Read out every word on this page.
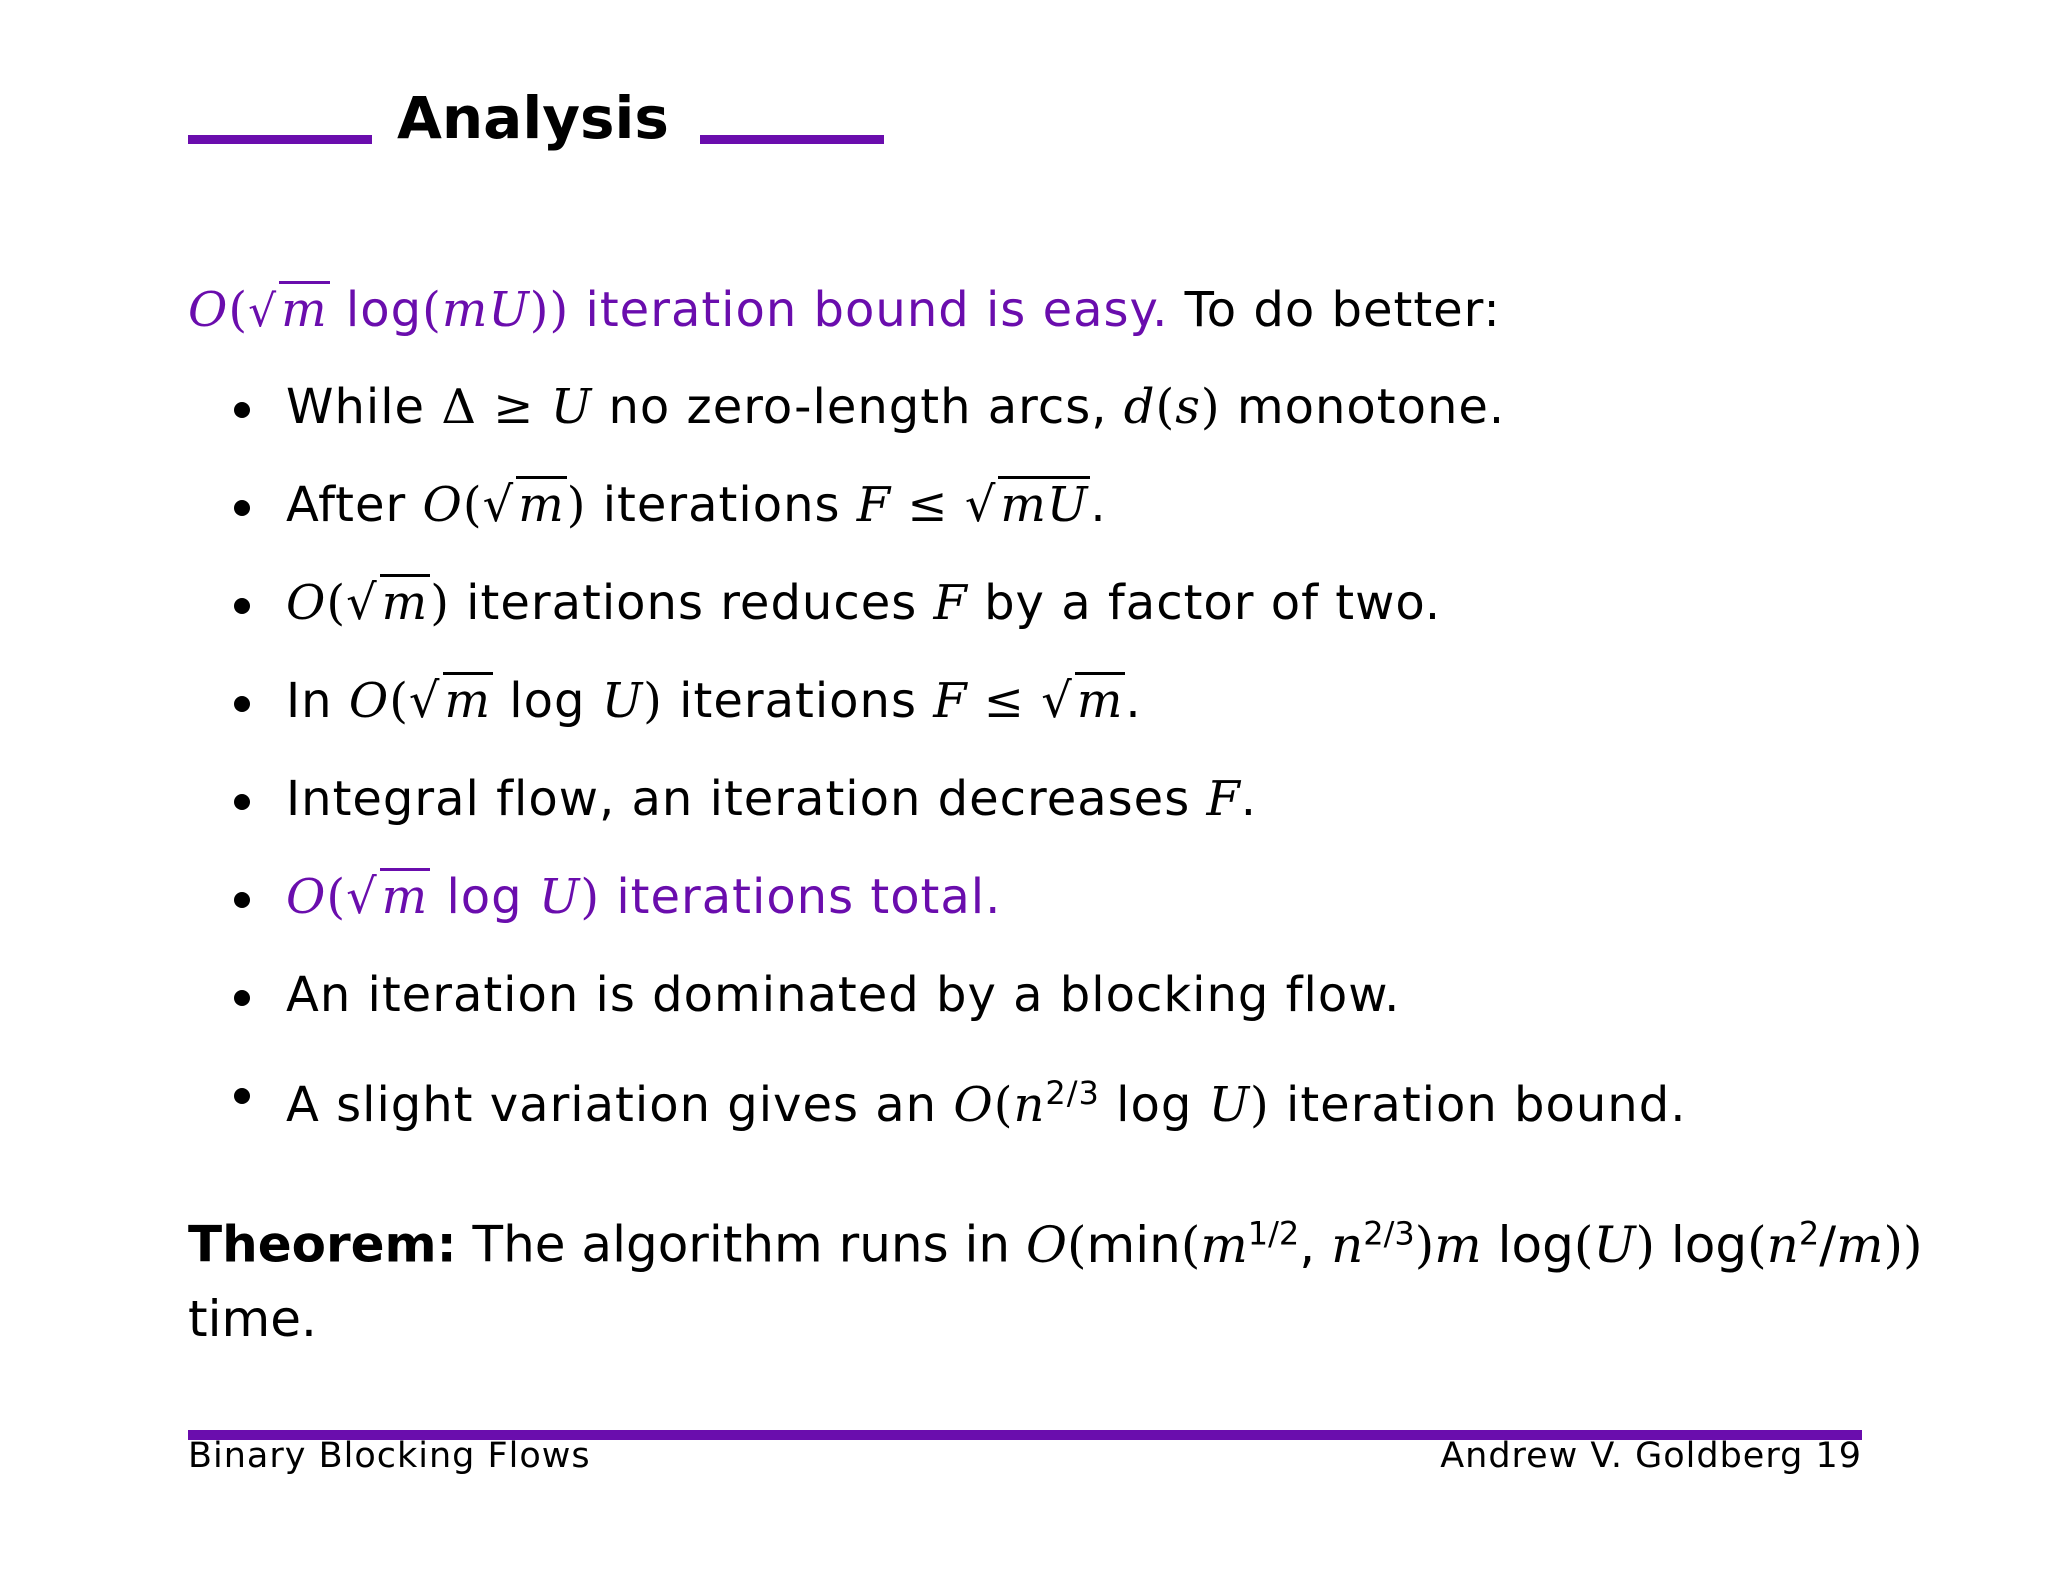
Analysis
O(√m log(mU)) iteration bound is easy. To do better:
While Δ ≥ U no zero-length arcs, d(s) monotone.
After O(√m) iterations F ≤ √mU.
O(√m) iterations reduces F by a factor of two.
In O(√m log U) iterations F ≤ √m.
Integral flow, an iteration decreases F.
O(√m log U) iterations total.
An iteration is dominated by a blocking flow.
A slight variation gives an $O(n^{2/3}$ log U) iteration bound.
Theorem: The algorithm runs in $O(\min(m^{1/2}$, $n^{2/3})m$ log(U) $\log(n^2/m)$)
time.
Binary Blocking Flows	Andrew V. Goldberg 19
